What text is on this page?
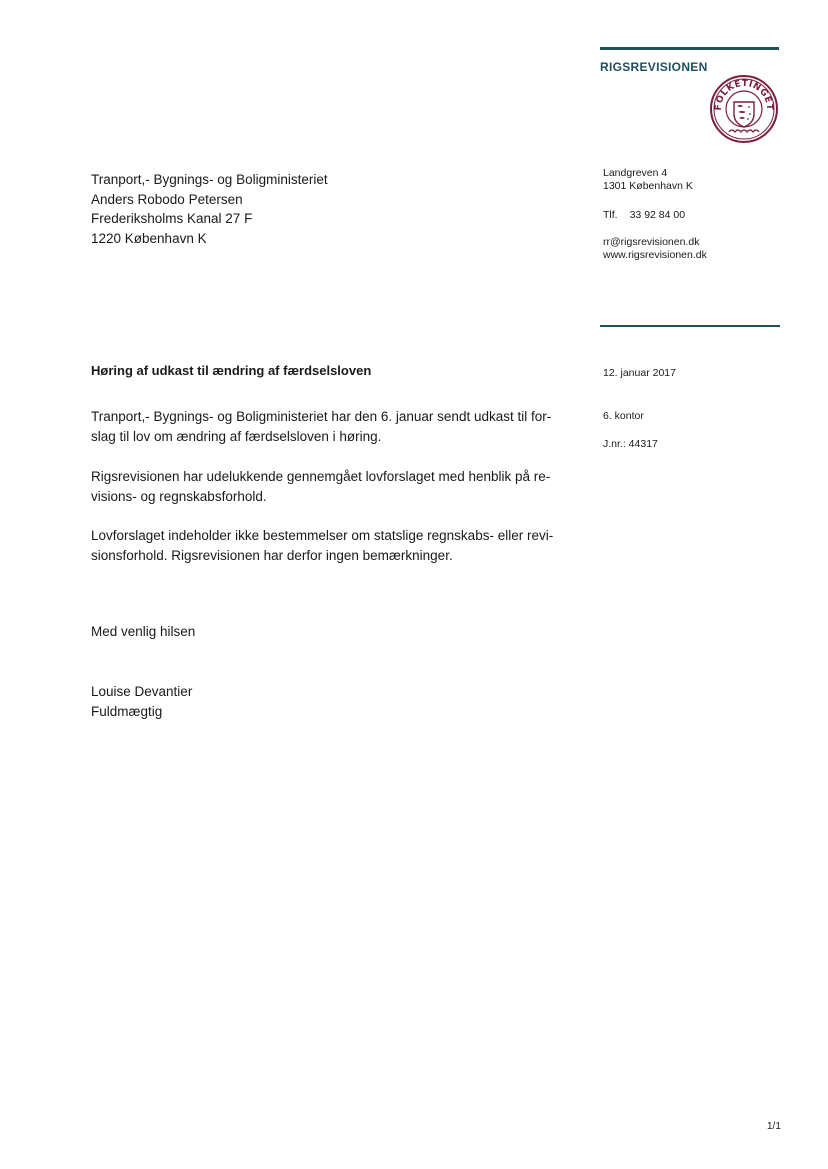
RIGSREVISIONEN
FOLKETINGET
Tranport,- Bygnings- og Boligministeriet
Anders Robodo Petersen
Frederiksholms Kanal 27 F
1220 København K
Landgreven 4
1301 København K
Tlf. 33 92 84 00
rr@rigsrevisionen.dk
www.rigsrevisionen.dk
12. januar 2017
6. kontor
J.nr.: 44317
Høring af udkast til ændring af færdselsloven
Tranport,- Bygnings- og Boligministeriet har den 6. januar sendt udkast til for-
slag til lov om ændring af færdselsloven i høring.
Rigsrevisionen har udelukkende gennemgået lovforslaget med henblik på re-
visions- og regnskabsforhold.
Lovforslaget indeholder ikke bestemmelser om statslige regnskabs- eller revi-
sionsforhold. Rigsrevisionen har derfor ingen bemærkninger.
Med venlig hilsen
Louise Devantier
Fuldmægtig
1/1
